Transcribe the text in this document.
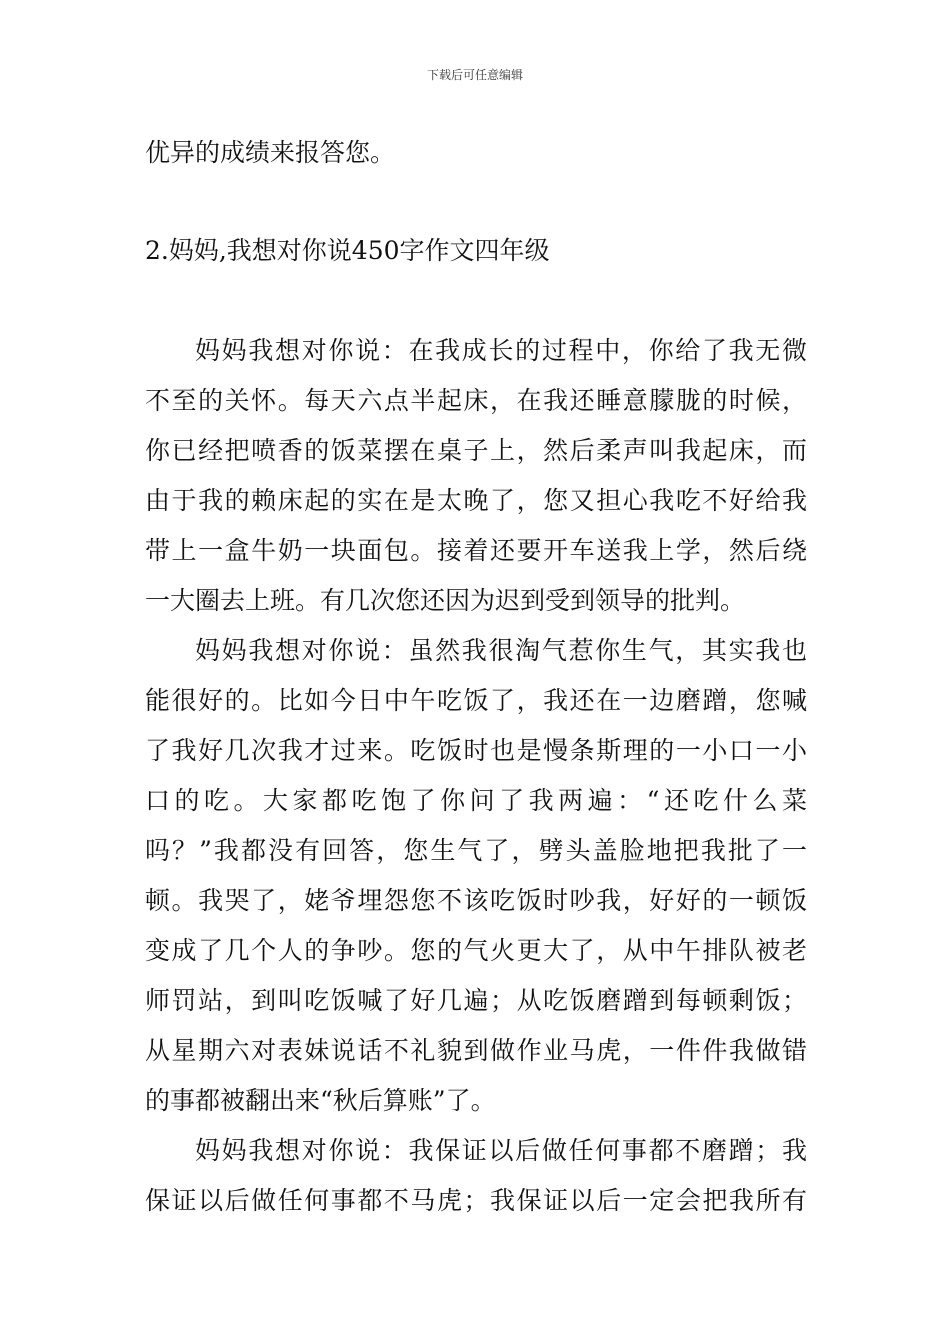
下载后可任意编辑
优异的成绩来报答您。
2.妈妈,我想对你说450字作文四年级
妈妈我想对你说：在我成长的过程中，你给了我无微
不至的关怀。每天六点半起床，在我还睡意朦胧的时候，
你已经把喷香的饭菜摆在桌子上，然后柔声叫我起床，而
由于我的赖床起的实在是太晚了，您又担心我吃不好给我
带上一盒牛奶一块面包。接着还要开车送我上学，然后绕
一大圈去上班。有几次您还因为迟到受到领导的批判。
妈妈我想对你说：虽然我很淘气惹你生气，其实我也
能很好的。比如今日中午吃饭了，我还在一边磨蹭，您喊
了我好几次我才过来。吃饭时也是慢条斯理的一小口一小
口的吃。大家都吃饱了你问了我两遍：“还吃什么菜
吗？”我都没有回答，您生气了，劈头盖脸地把我批了一
顿。我哭了，姥爷埋怨您不该吃饭时吵我，好好的一顿饭
变成了几个人的争吵。您的气火更大了，从中午排队被老
师罚站，到叫吃饭喊了好几遍；从吃饭磨蹭到每顿剩饭；
从星期六对表妹说话不礼貌到做作业马虎，一件件我做错
的事都被翻出来“秋后算账”了。
妈妈我想对你说：我保证以后做任何事都不磨蹭；我
保证以后做任何事都不马虎；我保证以后一定会把我所有
